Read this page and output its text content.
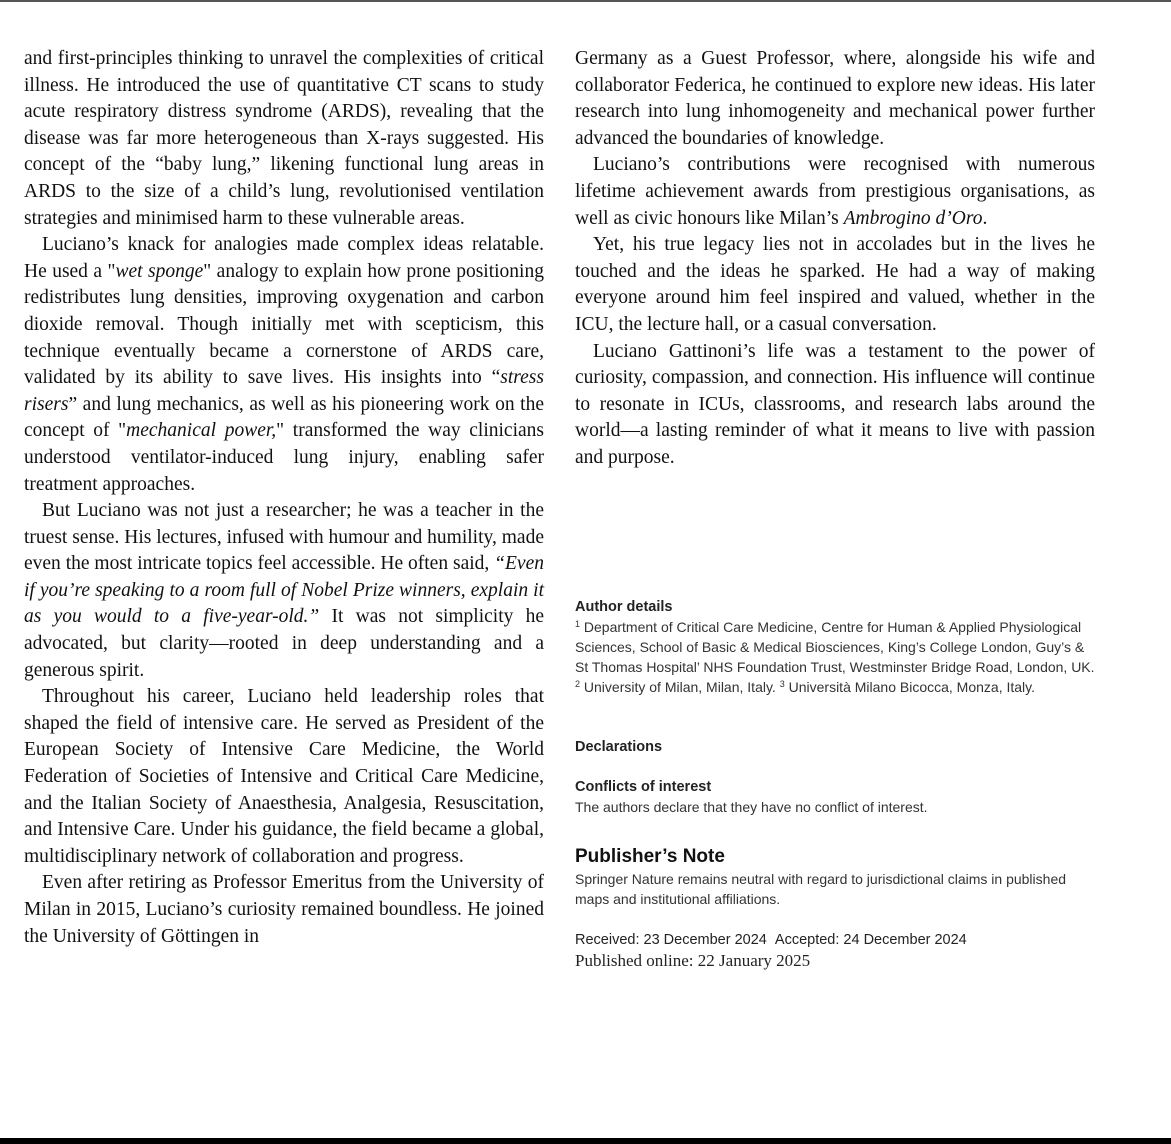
and first-principles thinking to unravel the complexities of critical illness. He introduced the use of quantitative CT scans to study acute respiratory distress syndrome (ARDS), revealing that the disease was far more heterogeneous than X-rays suggested. His concept of the “baby lung,” likening functional lung areas in ARDS to the size of a child’s lung, revolutionised ventilation strategies and minimised harm to these vulnerable areas.

Luciano’s knack for analogies made complex ideas relatable. He used a "wet sponge" analogy to explain how prone positioning redistributes lung densities, improving oxygenation and carbon dioxide removal. Though initially met with scepticism, this technique eventually became a cornerstone of ARDS care, validated by its ability to save lives. His insights into “stress risers” and lung mechanics, as well as his pioneering work on the concept of "mechanical power," transformed the way clinicians understood ventilator-induced lung injury, enabling safer treatment approaches.

But Luciano was not just a researcher; he was a teacher in the truest sense. His lectures, infused with humour and humility, made even the most intricate topics feel accessible. He often said, “Even if you’re speaking to a room full of Nobel Prize winners, explain it as you would to a five-year-old.” It was not simplicity he advocated, but clarity—rooted in deep understanding and a generous spirit.

Throughout his career, Luciano held leadership roles that shaped the field of intensive care. He served as President of the European Society of Intensive Care Medicine, the World Federation of Societies of Intensive and Critical Care Medicine, and the Italian Society of Anaesthesia, Analgesia, Resuscitation, and Intensive Care. Under his guidance, the field became a global, multidisciplinary network of collaboration and progress.

Even after retiring as Professor Emeritus from the University of Milan in 2015, Luciano’s curiosity remained boundless. He joined the University of Göttingen in

Germany as a Guest Professor, where, alongside his wife and collaborator Federica, he continued to explore new ideas. His later research into lung inhomogeneity and mechanical power further advanced the boundaries of knowledge.

Luciano’s contributions were recognised with numerous lifetime achievement awards from prestigious organisations, as well as civic honours like Milan’s Ambrogino d’Oro.

Yet, his true legacy lies not in accolades but in the lives he touched and the ideas he sparked. He had a way of making everyone around him feel inspired and valued, whether in the ICU, the lecture hall, or a casual conversation.

Luciano Gattinoni’s life was a testament to the power of curiosity, compassion, and connection. His influence will continue to resonate in ICUs, classrooms, and research labs around the world—a lasting reminder of what it means to live with passion and purpose.

Author details
$^1$ Department of Critical Care Medicine, Centre for Human & Applied Physiological Sciences, School of Basic & Medical Biosciences, King’s College London, Guy’s & St Thomas Hospital’ NHS Foundation Trust, Westminster Bridge Road, London, UK. $^2$ University of Milan, Milan, Italy. $^3$ Università Milano Bicocca, Monza, Italy.
Declarations
Conflicts of interest
The authors declare that they have no conflict of interest.
Publisher’s Note
Springer Nature remains neutral with regard to jurisdictional claims in published maps and institutional affiliations.
Received: 23 December 2024 Accepted: 24 December 2024
Published online: 22 January 2025
